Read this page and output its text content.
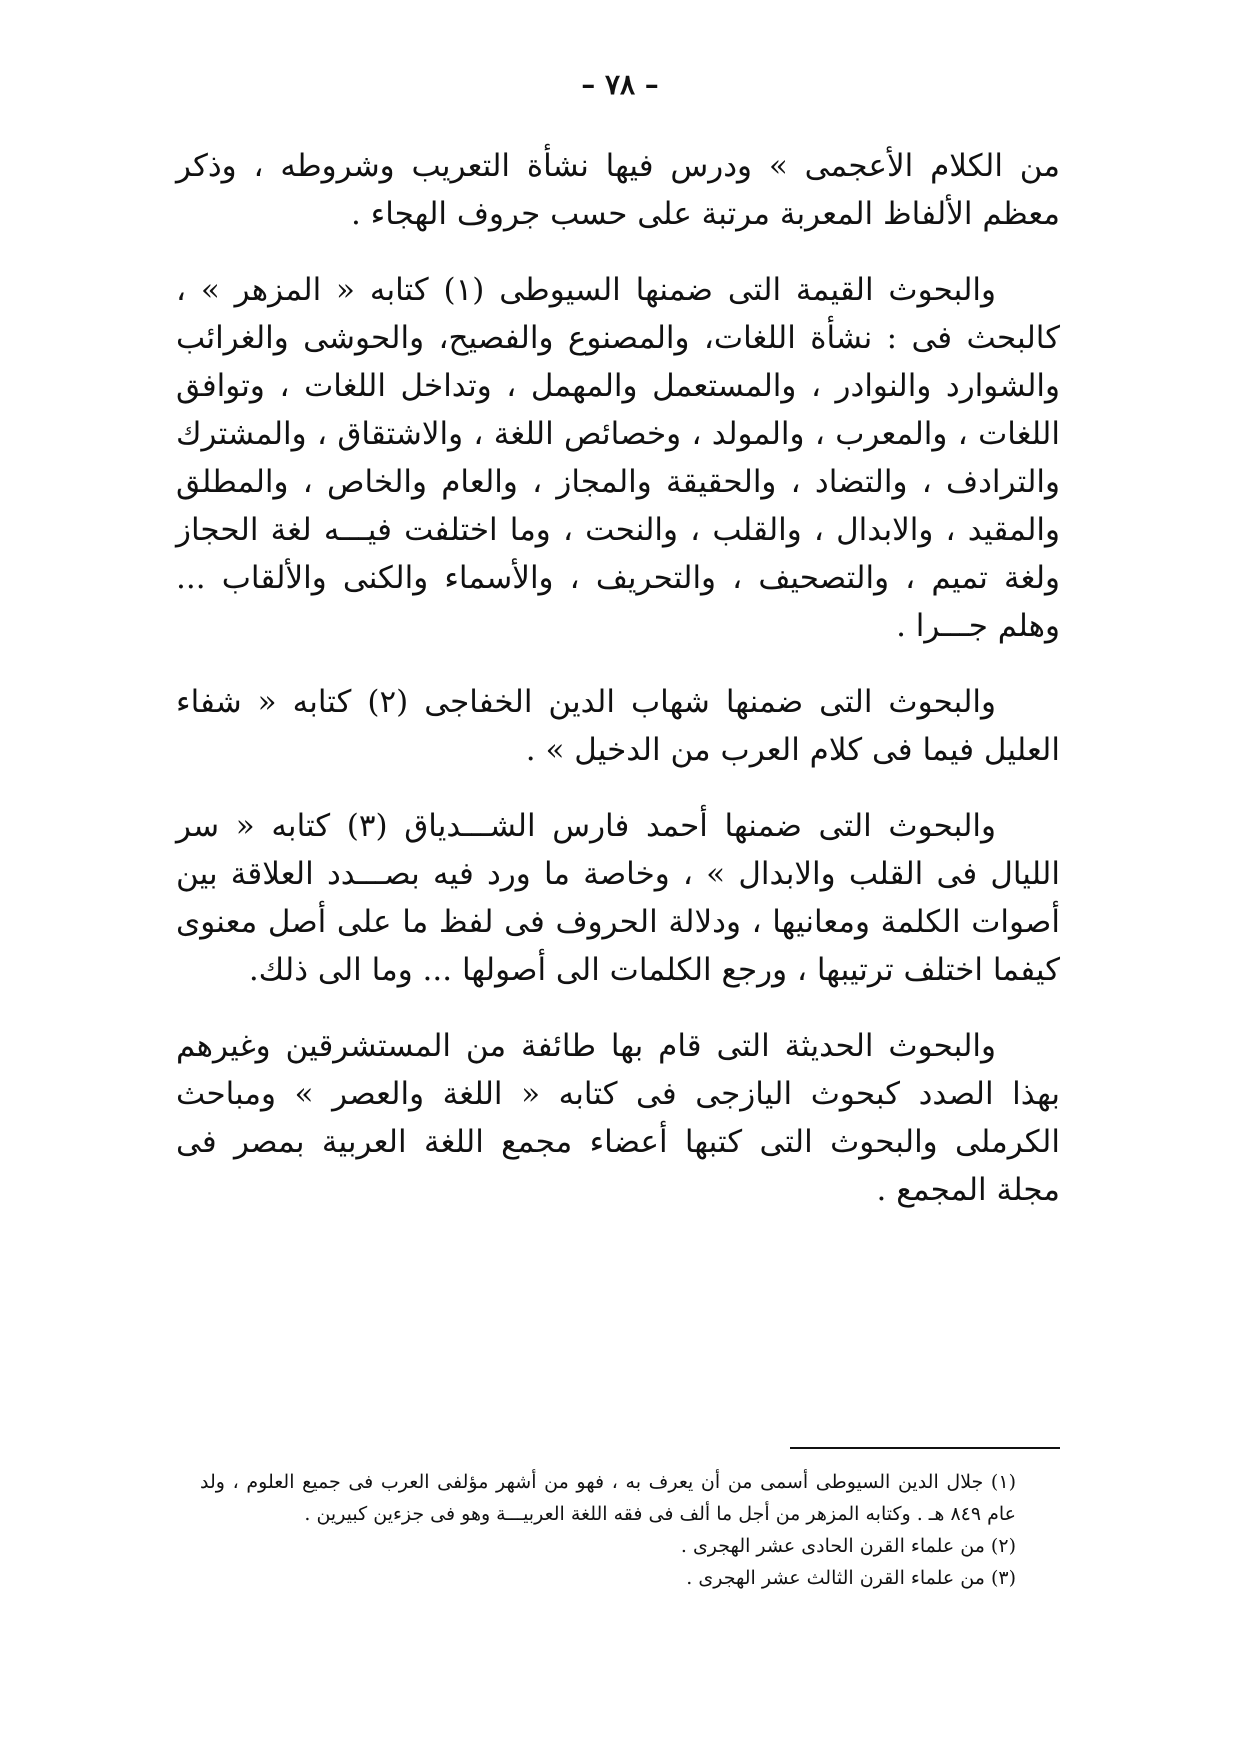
– ٧٨ –

من الكلام الأعجمى » ودرس فيها نشأة التعريب وشروطه ، وذكر معظم الألفاظ المعربة مرتبة على حسب جروف الهجاء .

والبحوث القيمة التى ضمنها السيوطى (١) كتابه « المزهر » ، كالبحث فى : نشأة اللغات، والمصنوع والفصيح، والحوشى والغرائب والشوارد والنوادر ، والمستعمل والمهمل ، وتداخل اللغات ، وتوافق اللغات ، والمعرب ، والمولد ، وخصائص اللغة ، والاشتقاق ، والمشترك والترادف ، والتضاد ، والحقيقة والمجاز ، والعام والخاص ، والمطلق والمقيد ، والابدال ، والقلب ، والنحت ، وما اختلفت فيـــه لغة الحجاز ولغة تميم ، والتصحيف ، والتحريف ، والأسماء والكنى والألقاب ... وهلم جـــرا .

والبحوث التى ضمنها شهاب الدين الخفاجى (٢) كتابه « شفاء العليل فيما فى كلام العرب من الدخيل » .

والبحوث التى ضمنها أحمد فارس الشـــدياق (٣) كتابه « سر الليال فى القلب والابدال » ، وخاصة ما ورد فيه بصـــدد العلاقة بين أصوات الكلمة ومعانيها ، ودلالة الحروف فى لفظ ما على أصل معنوى كيفما اختلف ترتيبها ، ورجع الكلمات الى أصولها ... وما الى ذلك.

والبحوث الحديثة التى قام بها طائفة من المستشرقين وغيرهم بهذا الصدد كبحوث اليازجى فى كتابه « اللغة والعصر » ومباحث الكرملى والبحوث التى كتبها أعضاء مجمع اللغة العربية بمصر فى مجلة المجمع .

(١) جلال الدين السيوطى أسمى من أن يعرف به ، فهو من أشهر مؤلفى العرب فى جميع العلوم ، ولد عام ٨٤٩ هـ . وكتابه المزهر من أجل ما ألف فى فقه اللغة العربيـــة وهو فى جزءين كبيرين .

(٢) من علماء القرن الحادى عشر الهجرى .

(٣) من علماء القرن الثالث عشر الهجرى .
